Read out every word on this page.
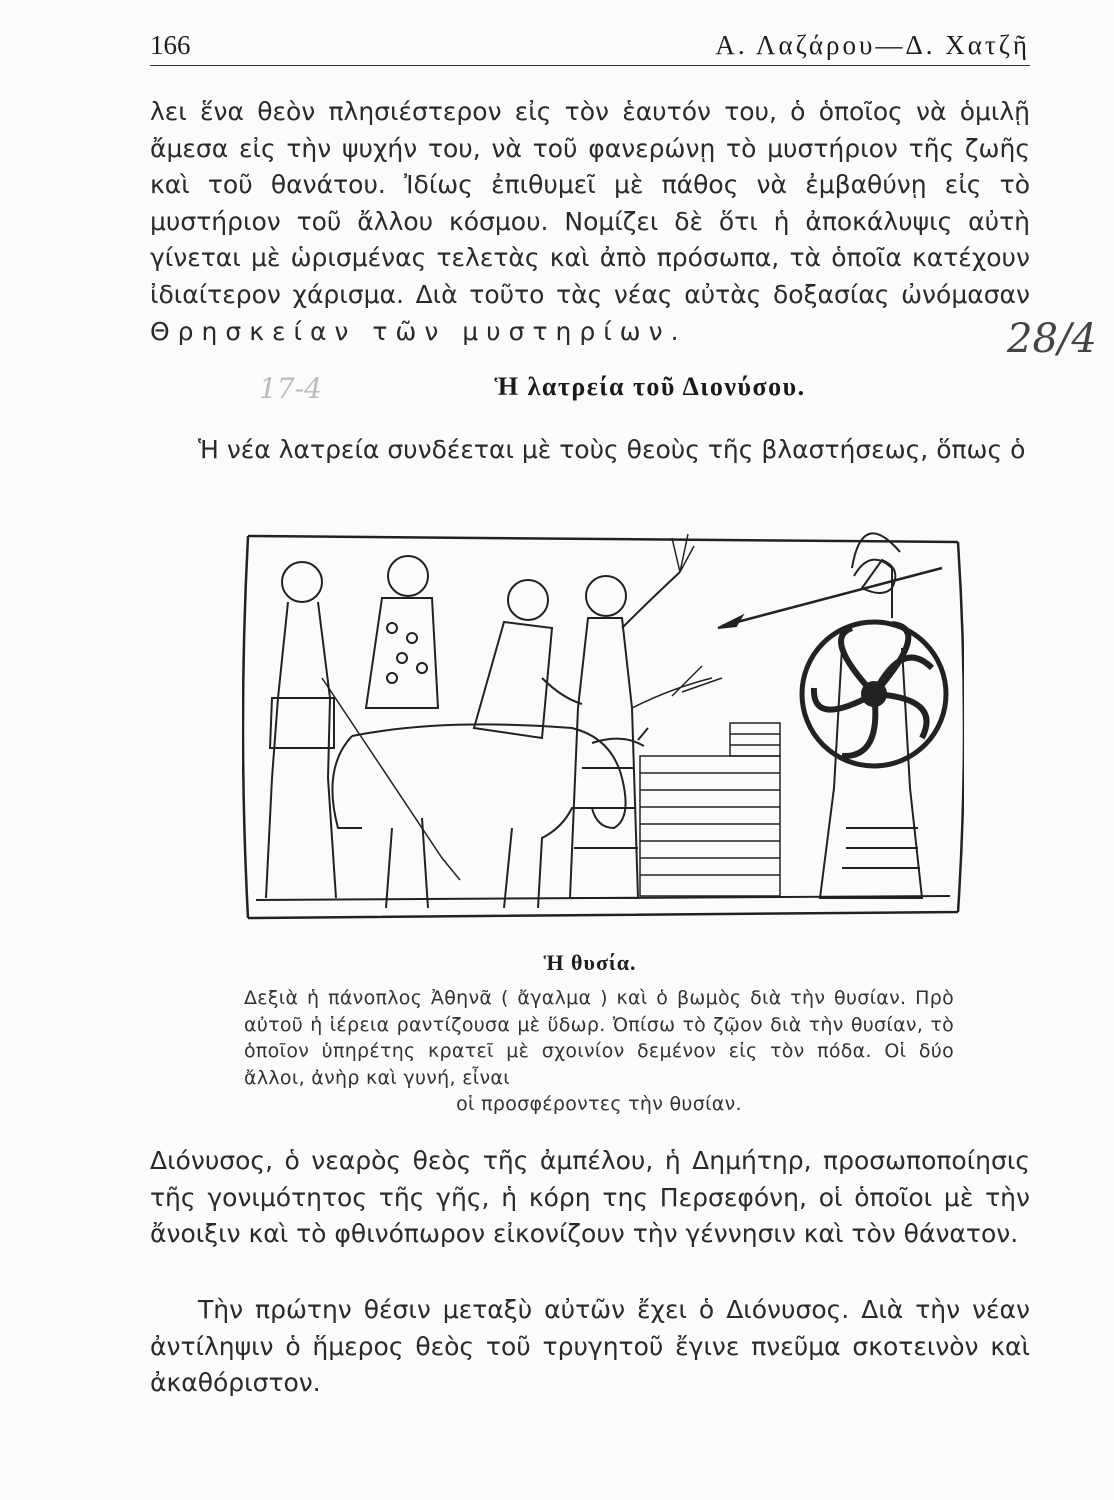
166	Α. Λαζάρου—Δ. Χατζῆ
λει ἕνα θεὸν πλησιέστερον εἰς τὸν ἑαυτόν του, ὁ ὁποῖος νὰ ὁμιλῇ ἄμεσα εἰς τὴν ψυχήν του, νὰ τοῦ φανερώνῃ τὸ μυστήριον τῆς ζωῆς καὶ τοῦ θανάτου. Ἰδίως ἐπιθυμεῖ μὲ πάθος νὰ ἐμβαθύνῃ εἰς τὸ μυστήριον τοῦ ἄλλου κόσμου. Νομίζει δὲ ὅτι ἡ ἀποκάλυψις αὐτὴ γίνεται μὲ ὡρισμένας τελετὰς καὶ ἀπὸ πρόσωπα, τὰ ὁποῖα κατέχουν ἰδιαίτερον χάρισμα. Διὰ τοῦτο τὰς νέας αὐτὰς δοξασίας ὠνόμασαν Θρησκείαν τῶν μυστηρίων.
Ἡ λατρεία τοῦ Διονύσου.
Ἡ νέα λατρεία συνδέεται μὲ τοὺς θεοὺς τῆς βλαστήσεως, ὅπως ὁ
Ἡ θυσία.
Δεξιὰ ἡ πάνοπλος Ἀθηνᾶ ( ἄγαλμα ) καὶ ὁ βωμὸς διὰ τὴν θυσίαν. Πρὸ αὐτοῦ ἡ ἱέρεια ραντίζουσα μὲ ὕδωρ. Ὀπίσω τὸ ζῷον διὰ τὴν θυσίαν, τὸ ὁποῖον ὑπηρέτης κρατεῖ μὲ σχοινίον δεμένον εἰς τὸν πόδα. Οἱ δύο ἄλλοι, ἀνὴρ καὶ γυνή, εἶναι
οἱ προσφέροντες τὴν θυσίαν.
Διόνυσος, ὁ νεαρὸς θεὸς τῆς ἀμπέλου, ἡ Δημήτηρ, προσωποποίησις τῆς γονιμότητος τῆς γῆς, ἡ κόρη της Περσεφόνη, οἱ ὁποῖοι μὲ τὴν ἄνοιξιν καὶ τὸ φθινόπωρον εἰκονίζουν τὴν γέννησιν καὶ τὸν θάνατον.
Τὴν πρώτην θέσιν μεταξὺ αὐτῶν ἔχει ὁ Διόνυσος. Διὰ τὴν νέαν ἀντίληψιν ὁ ἥμερος θεὸς τοῦ τρυγητοῦ ἔγινε πνεῦμα σκοτεινὸν καὶ ἀκαθόριστον.
28/4
17-4
